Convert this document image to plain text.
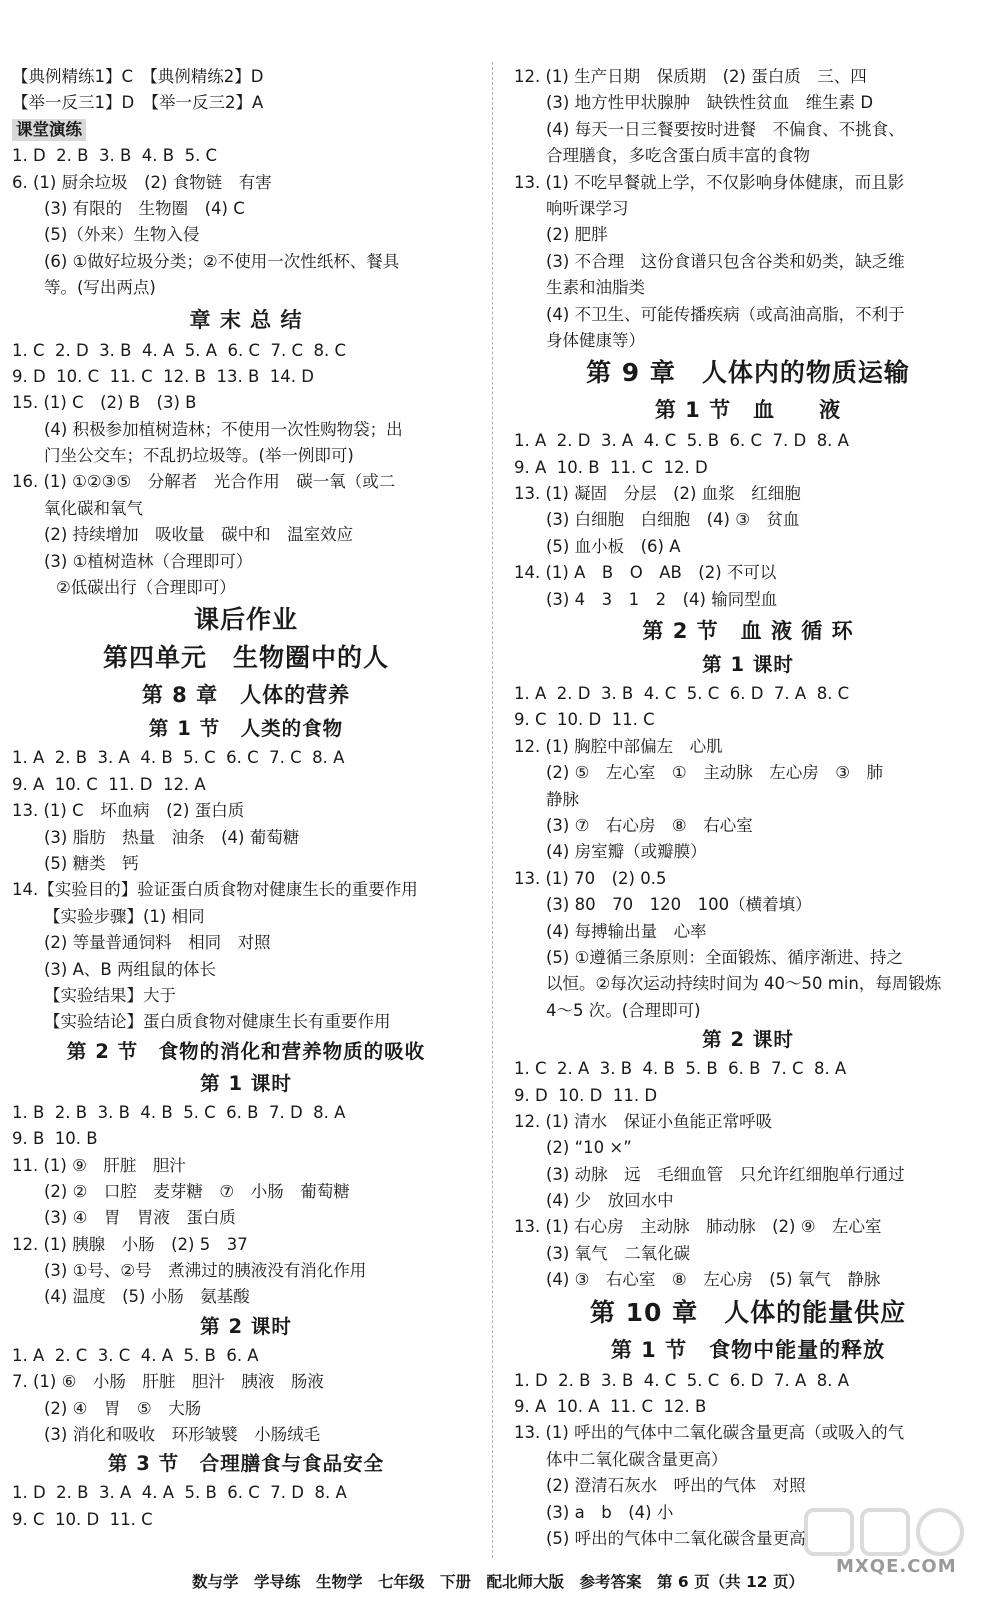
【典例精练1】C　【典例精练2】D
【举一反三1】D　【举一反三2】A
课堂演练
1. D  2. B  3. B  4. B  5. C
6. (1) 厨余垃圾　(2) 食物链　有害
(3) 有限的　生物圈　(4) C
(5)（外来）生物入侵
(6) ①做好垃圾分类；②不使用一次性纸杯、餐具
等。(写出两点)
章 末 总 结
1. C  2. D  3. B  4. A  5. A  6. C  7. C  8. C
9. D  10. C  11. C  12. B  13. B  14. D
15. (1) C　(2) B　(3) B
(4) 积极参加植树造林；不使用一次性购物袋；出
门坐公交车；不乱扔垃圾等。(举一例即可)
16. (1) ①②③⑤　分解者　光合作用　碳一氧（或二
氧化碳和氧气
(2) 持续增加　吸收量　碳中和　温室效应
(3) ①植树造林（合理即可）
②低碳出行（合理即可）
课后作业
第四单元　生物圈中的人
第 8 章　人体的营养
第 1 节　人类的食物
1. A  2. B  3. A  4. B  5. C  6. C  7. C  8. A
9. A  10. C  11. D  12. A
13. (1) C　坏血病　(2) 蛋白质
(3) 脂肪　热量　油条　(4) 葡萄糖
(5) 糖类　钙
14.【实验目的】验证蛋白质食物对健康生长的重要作用
【实验步骤】(1) 相同
(2) 等量普通饲料　相同　对照
(3) A、B 两组鼠的体长
【实验结果】大于
【实验结论】蛋白质食物对健康生长有重要作用
第 2 节　食物的消化和营养物质的吸收
第 1 课时
1. B  2. B  3. B  4. B  5. C  6. B  7. D  8. A
9. B  10. B
11. (1) ⑨　肝脏　胆汁
(2) ②　口腔　麦芽糖　⑦　小肠　葡萄糖
(3) ④　胃　胃液　蛋白质
12. (1) 胰腺　小肠　(2) 5　37
(3) ①号、②号　煮沸过的胰液没有消化作用
(4) 温度　(5) 小肠　氨基酸
第 2 课时
1. A  2. C  3. C  4. A  5. B  6. A
7. (1) ⑥　小肠　肝脏　胆汁　胰液　肠液
(2) ④　胃　⑤　大肠
(3) 消化和吸收　环形皱襞　小肠绒毛
第 3 节　合理膳食与食品安全
1. D  2. B  3. A  4. A  5. B  6. C  7. D  8. A
9. C  10. D  11. C
12. (1) 生产日期　保质期　(2) 蛋白质　三、四
(3) 地方性甲状腺肿　缺铁性贫血　维生素 D
(4) 每天一日三餐要按时进餐　不偏食、不挑食、
合理膳食，多吃含蛋白质丰富的食物
13. (1) 不吃早餐就上学，不仅影响身体健康，而且影
响听课学习
(2) 肥胖
(3) 不合理　这份食谱只包含谷类和奶类，缺乏维
生素和油脂类
(4) 不卫生、可能传播疾病（或高油高脂，不利于
身体健康等）
第 9 章　人体内的物质运输
第 1 节　血　　液
1. A  2. D  3. A  4. C  5. B  6. C  7. D  8. A
9. A  10. B  11. C  12. D
13. (1) 凝固　分层　(2) 血浆　红细胞
(3) 白细胞　白细胞　(4) ③　贫血
(5) 血小板　(6) A
14. (1) A　B　O　AB　(2) 不可以
(3) 4　3　1　2　(4) 输同型血
第 2 节　血 液 循 环
第 1 课时
1. A  2. D  3. B  4. C  5. C  6. D  7. A  8. C
9. C  10. D  11. C
12. (1) 胸腔中部偏左　心肌
(2) ⑤　左心室　①　主动脉　左心房　③　肺
静脉
(3) ⑦　右心房　⑧　右心室
(4) 房室瓣（或瓣膜）
13. (1) 70　(2) 0.5
(3) 80　70　120　100（横着填）
(4) 每搏输出量　心率
(5) ①遵循三条原则：全面锻炼、循序渐进、持之
以恒。②每次运动持续时间为 40～50 min，每周锻炼
4～5 次。(合理即可)
第 2 课时
1. C  2. A  3. B  4. B  5. B  6. B  7. C  8. A
9. D  10. D  11. D
12. (1) 清水　保证小鱼能正常呼吸
(2) “10 ×”
(3) 动脉　远　毛细血管　只允许红细胞单行通过
(4) 少　放回水中
13. (1) 右心房　主动脉　肺动脉　(2) ⑨　左心室
(3) 氧气　二氧化碳
(4) ③　右心室　⑧　左心房　(5) 氧气　静脉
第 10 章　人体的能量供应
第 1 节　食物中能量的释放
1. D  2. B  3. B  4. C  5. C  6. D  7. A  8. A
9. A  10. A  11. C  12. B
13. (1) 呼出的气体中二氧化碳含量更高（或吸入的气
体中二氧化碳含量更高）
(2) 澄清石灰水　呼出的气体　对照
(3) a　b　(4) 小
(5) 呼出的气体中二氧化碳含量更高
数与学　学导练　生物学　七年级　下册　配北师大版　参考答案　第 6 页（共 12 页）
MXQE.COM
